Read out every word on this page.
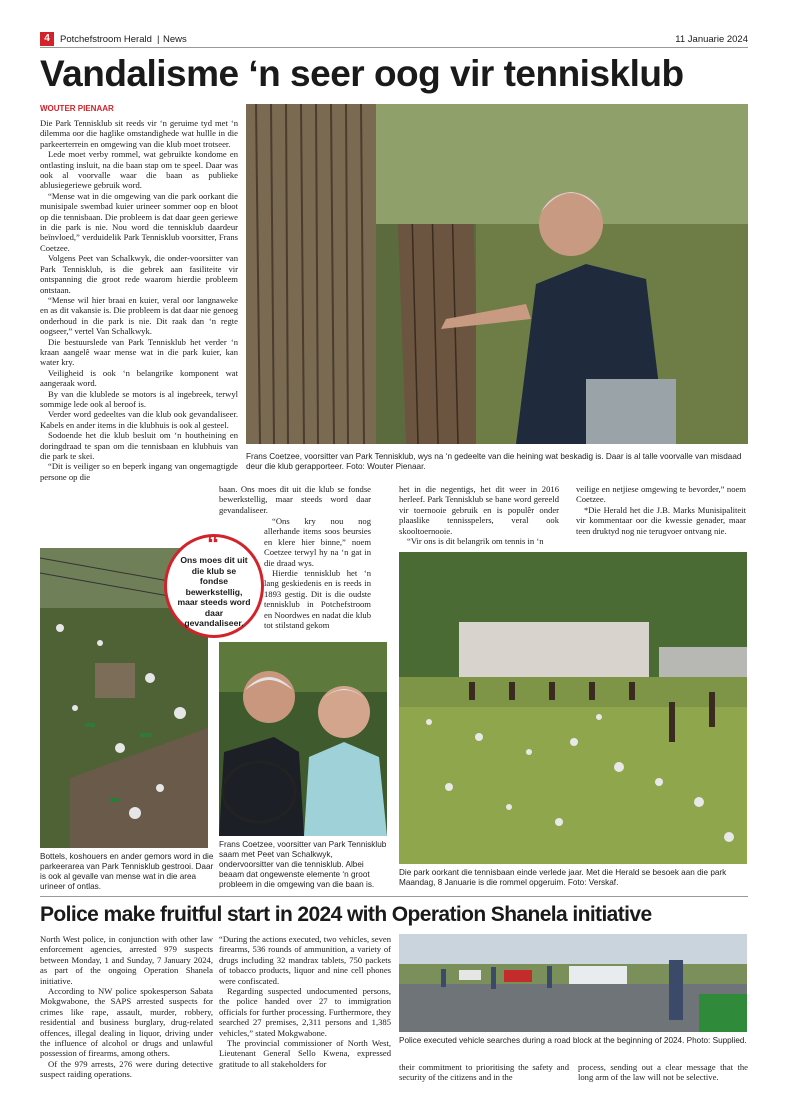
4	Potchefstroom Herald | News	11 Januarie 2024
Vandalisme ‘n seer oog vir tennisklub
WOUTER PIENAAR

Die Park Tennisklub sit reeds vir ‘n geruime tyd met ‘n dilemma oor die haglike omstandighede wat hullle in die parkeerterrein en omgewing van die klub moet trotseer.

Lede moet verby rommel, wat gebruikte kondome en ontlasting insluit, na die baan stap om te speel. Daar was ook al voorvalle waar die baan as publieke ablusiegeriewe gebruik word.

“Mense wat in die omgewing van die park oorkant die munisipale swembad kuier urineer sommer oop en bloot op die tennisbaan. Die probleem is dat daar geen geriewe in die park is nie. Nou word die tennisklub daardeur beïnvloed,” verduidelik Park Tennisklub voorsitter, Frans Coetzee.

Volgens Peet van Schalkwyk, die onder-voorsitter van Park Tennisklub, is die gebrek aan fasiliteite vir ontspanning die groot rede waarom hierdie probleem ontstaan.

“Mense wil hier braai en kuier, veral oor langnaweke en as dit vakansie is. Die probleem is dat daar nie genoeg onderhoud in die park is nie. Dit raak dan ‘n regte oogseer,” vertel Van Schalkwyk.

Die bestuurslede van Park Tennisklub het verder ‘n kraan aangelê waar mense wat in die park kuier, kan water kry.

Veiligheid is ook ‘n belangrike komponent wat aangeraak word.

By van die klublede se motors is al ingebreek, terwyl sommige lede ook al beroof is.

Verder word gedeeltes van die klub ook gevandaliseer. Kabels en ander items in die klubhuis is ook al gesteel.

Sodoende het die klub besluit om ‘n houtheining en doringdraad te span om die tennisbaan en klubhuis van die park te skei.

“Dit is veiliger so en beperk ingang van ongemagtigde persone op die

Frans Coetzee, voorsitter van Park Tennisklub, wys na ‘n gedeelte van die heining wat beskadig is. Daar is al talle voorvalle van misdaad deur die klub gerapporteer. Foto: Wouter Pienaar.

baan. Ons moes dit uit die klub se fondse bewerkstellig, maar steeds word daar gevandaliseer.

“Ons kry nou nog allerhande items soos beursies en klere hier binne,” noem Coetzee terwyl hy na ‘n gat in die draad wys.

Hierdie tennisklub het ‘n lang geskiedenis en is reeds in 1893 gestig. Dit is die oudste tennisklub in Potchefstroom en Noordwes en nadat die klub tot stilstand gekom

het in die negentigs, het dit weer in 2016 herleef. Park Tennisklub se bane word gereeld vir toernooie gebruik en is populêr onder plaaslike tennisspelers, veral ook skooltoernooie.

“Vir ons is dit belangrik om tennis in ‘n

veilige en netjiese omgewing te bevorder,” noem Coetzee.

*Die Herald het die J.B. Marks Munisipaliteit vir kommentaar oor die kwessie genader, maar teen druktyd nog nie terugvoer ontvang nie.

“
Ons moes dit uit die klub se fondse bewerkstellig, maar steeds word daar gevandaliseer.
Frans Coetzee, voorsitter van Park Tennisklub saam met Peet van Schalkwyk, ondervoorsitter van die tennisklub. Albei beaam dat ongewenste elemente ‘n groot probleem in die omgewing van die baan is.
Bottels, koshouers en ander gemors word in die parkeerarea van Park Tennisklub gestrooi. Daar is ook al gevalle van mense wat in die area urineer of ontlas.
Die park oorkant die tennisbaan einde verlede jaar. Met die Herald se besoek aan die park Maandag, 8 Januarie is die rommel opgeruim. Foto: Verskaf.
Police make fruitful start in 2024 with Operation Shanela initiative

North West police, in conjunction with other law enforcement agencies, arrested 979 suspects between Monday, 1 and Sunday, 7 January 2024, as part of the ongoing Operation Shanela initiative.

According to NW police spokesperson Sabata Mokgwabone, the SAPS arrested suspects for crimes like rape, assault, murder, robbery, residential and business burglary, drug-related offences, illegal dealing in liquor, driving under the influence of alcohol or drugs and unlawful possession of firearms, among others.

Of the 979 arrests, 276 were during detective suspect raiding operations.

“During the actions executed, two vehicles, seven firearms, 536 rounds of ammunition, a variety of drugs including 32 mandrax tablets, 750 packets of tobacco products, liquor and nine cell phones were confiscated.

Regarding suspected undocumented persons, the police handed over 27 to immigration officials for further processing. Furthermore, they searched 27 premises, 2,311 persons and 1,385 vehicles,” stated Mokgwabone.

The provincial commissioner of North West, Lieutenant General Sello Kwena, expressed gratitude to all stakeholders for

Police executed vehicle searches during a road block at the beginning of 2024. Photo: Supplied.

their commitment to prioritising the safety and security of the citizens and in the

process, sending out a clear message that the long arm of the law will not be selective.
